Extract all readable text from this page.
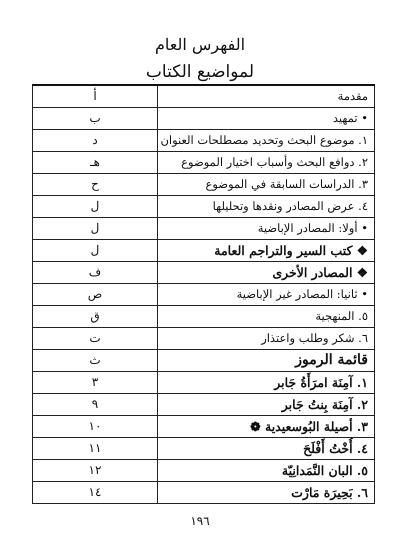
الفهرس العام
لمواضيع الكتاب
مقدمة	أ
• تمهيد	ب
١. موضوع البحث وتحديد مصطلحات العنوان	د
٢. دوافع البحث وأسباب اختيار الموضوع	هـ
٣. الدراسات السابقة في الموضوع	ح
٤. عرض المصادر ونقدها وتحليلها	ل
• أولا: المصادر الإباضية	ل
❖ كتب السير والتراجم العامة	ل
❖ المصادر الأخرى	ف
• ثانيا: المصادر غير الإباضية	ص
٥. المنهجية	ق
٦. شكر وطلب واعتذار	ت
قائمة الرموز	ث
١. آمِنَة امرَأَةُ جَابر	٣
٢. آمِنَة بِنتُ جَابر	٩
٣. أصيلة البُوسعيدية ❁	١٠
٤. أُخْتُ أَفْلَحَ	١١
٥. البان النَّمَدانِيّة	١٢
٦. بَحِيرَة مَارْت	١٤
١٩٦
